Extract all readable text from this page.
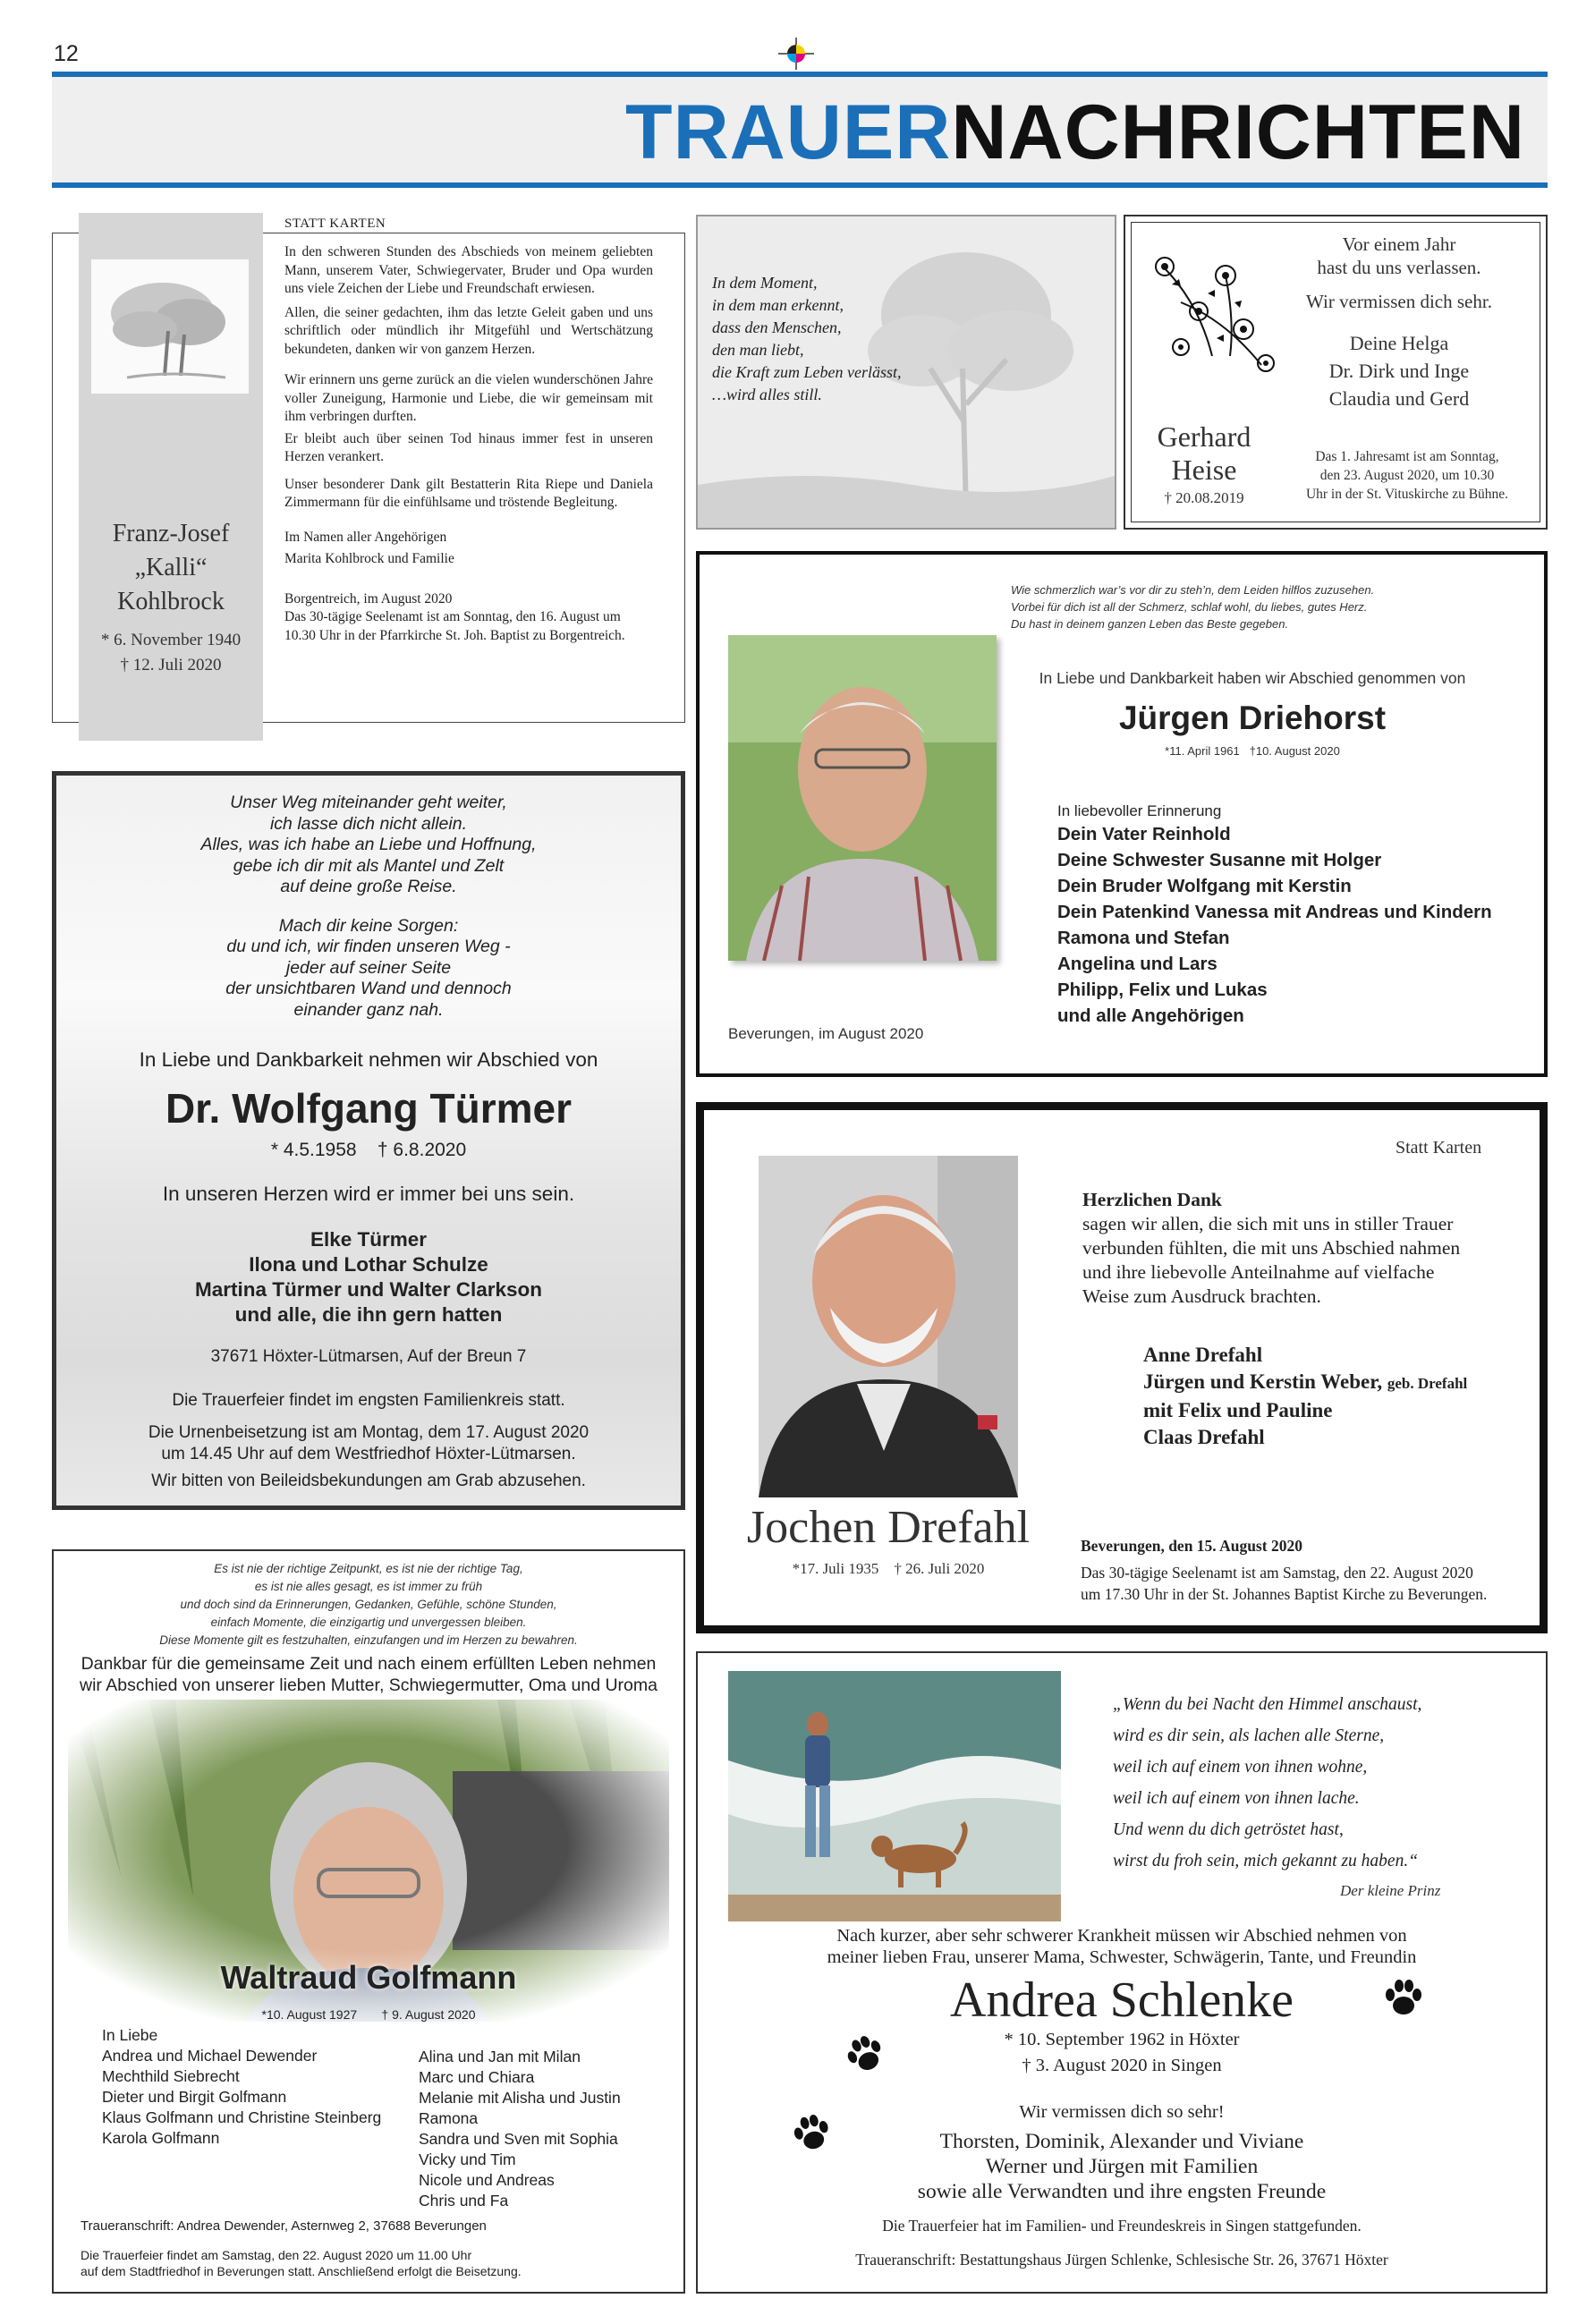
12
TRAUERNACHRICHTEN
Franz-Josef
„Kalli“
Kohlbrock
* 6. November 1940
† 12. Juli 2020
STATT KARTEN

In den schweren Stunden des Abschieds von meinem geliebten Mann, unserem Vater, Schwiegervater, Bruder und Opa wurden uns viele Zeichen der Liebe und Freundschaft erwiesen.

Allen, die seiner gedachten, ihm das letzte Geleit gaben und uns schriftlich oder mündlich ihr Mitgefühl und Wertschätzung bekundeten, danken wir von ganzem Herzen.

Wir erinnern uns gerne zurück an die vielen wunderschönen Jahre voller Zuneigung, Harmonie und Liebe, die wir gemeinsam mit ihm verbringen durften.

Er bleibt auch über seinen Tod hinaus immer fest in unseren Herzen verankert.

Unser besonderer Dank gilt Bestatterin Rita Riepe und Daniela Zimmermann für die einfühlsame und tröstende Begleitung.

Im Namen aller Angehörigen

Marita Kohlbrock und Familie

Borgentreich, im August 2020

Das 30-tägige Seelenamt ist am Sonntag, den 16. August um 10.30 Uhr in der Pfarrkirche St. Joh. Baptist zu Borgentreich.

In dem Moment,
in dem man erkennt,
dass den Menschen,
den man liebt,
die Kraft zum Leben verlässt,
…wird alles still.
Vor einem Jahr
hast du uns verlassen.
Wir vermissen dich sehr.
Deine Helga
Dr. Dirk und Inge
Claudia und Gerd
Gerhard
Heise
† 20.08.2019
Das 1. Jahresamt ist am Sonntag,
den 23. August 2020, um 10.30
Uhr in der St. Vituskirche zu Bühne.
Wie schmerzlich war’s vor dir zu steh’n, dem Leiden hilflos zuzusehen.
Vorbei für dich ist all der Schmerz, schlaf wohl, du liebes, gutes Herz.
Du hast in deinem ganzen Leben das Beste gegeben.
In Liebe und Dankbarkeit haben wir Abschied genommen von
Jürgen Driehorst
*11. April 1961   †10. August 2020
In liebevoller Erinnerung
Dein Vater Reinhold
Deine Schwester Susanne mit Holger
Dein Bruder Wolfgang mit Kerstin
Dein Patenkind Vanessa mit Andreas und Kindern
Ramona und Stefan
Angelina und Lars
Philipp, Felix und Lukas
und alle Angehörigen
Beverungen, im August 2020
Unser Weg miteinander geht weiter,
ich lasse dich nicht allein.
Alles, was ich habe an Liebe und Hoffnung,
gebe ich dir mit als Mantel und Zelt
auf deine große Reise.
Mach dir keine Sorgen:
du und ich, wir finden unseren Weg -
jeder auf seiner Seite
der unsichtbaren Wand und dennoch
einander ganz nah.
In Liebe und Dankbarkeit nehmen wir Abschied von
Dr. Wolfgang Türmer
* 4.5.1958    † 6.8.2020
In unseren Herzen wird er immer bei uns sein.
Elke Türmer
Ilona und Lothar Schulze
Martina Türmer und Walter Clarkson
und alle, die ihn gern hatten
37671 Höxter-Lütmarsen, Auf der Breun 7
Die Trauerfeier findet im engsten Familienkreis statt.
Die Urnenbeisetzung ist am Montag, dem 17. August 2020
um 14.45 Uhr auf dem Westfriedhof Höxter-Lütmarsen.
Wir bitten von Beileidsbekundungen am Grab abzusehen.
Statt Karten
Herzlichen Dank
sagen wir allen, die sich mit uns in stiller Trauer
verbunden fühlten, die mit uns Abschied nahmen
und ihre liebevolle Anteilnahme auf vielfache
Weise zum Ausdruck brachten.
Anne Drefahl
Jürgen und Kerstin Weber, geb. Drefahl
mit Felix und Pauline
Claas Drefahl
Jochen Drefahl
*17. Juli 1935    † 26. Juli 2020
Beverungen, den 15. August 2020
Das 30-tägige Seelenamt ist am Samstag, den 22. August 2020
um 17.30 Uhr in der St. Johannes Baptist Kirche zu Beverungen.
Es ist nie der richtige Zeitpunkt, es ist nie der richtige Tag,
es ist nie alles gesagt, es ist immer zu früh
und doch sind da Erinnerungen, Gedanken, Gefühle, schöne Stunden,
einfach Momente, die einzigartig und unvergessen bleiben.
Diese Momente gilt es festzuhalten, einzufangen und im Herzen zu bewahren.
Dankbar für die gemeinsame Zeit und nach einem erfüllten Leben nehmen
wir Abschied von unserer lieben Mutter, Schwiegermutter, Oma und Uroma
Waltraud Golfmann
*10. August 1927       † 9. August 2020
In Liebe
Andrea und Michael Dewender
Mechthild Siebrecht
Dieter und Birgit Golfmann
Klaus Golfmann und Christine Steinberg
Karola Golfmann
Alina und Jan mit Milan
Marc und Chiara
Melanie mit Alisha und Justin
Ramona
Sandra und Sven mit Sophia
Vicky und Tim
Nicole und Andreas
Chris und Fa
Traueranschrift: Andrea Dewender, Asternweg 2, 37688 Beverungen
Die Trauerfeier findet am Samstag, den 22. August 2020 um 11.00 Uhr
auf dem Stadtfriedhof in Beverungen statt. Anschließend erfolgt die Beisetzung.
„Wenn du bei Nacht den Himmel anschaust,
wird es dir sein, als lachen alle Sterne,
weil ich auf einem von ihnen wohne,
weil ich auf einem von ihnen lache.
Und wenn du dich getröstet hast,
wirst du froh sein, mich gekannt zu haben.“
Der kleine Prinz
Nach kurzer, aber sehr schwerer Krankheit müssen wir Abschied nehmen von
meiner lieben Frau, unserer Mama, Schwester, Schwägerin, Tante, und Freundin
Andrea Schlenke
* 10. September 1962 in Höxter
† 3. August 2020 in Singen
Wir vermissen dich so sehr!
Thorsten, Dominik, Alexander und Viviane
Werner und Jürgen mit Familien
sowie alle Verwandten und ihre engsten Freunde
Die Trauerfeier hat im Familien- und Freundeskreis in Singen stattgefunden.
Traueranschrift: Bestattungshaus Jürgen Schlenke, Schlesische Str. 26, 37671 Höxter
